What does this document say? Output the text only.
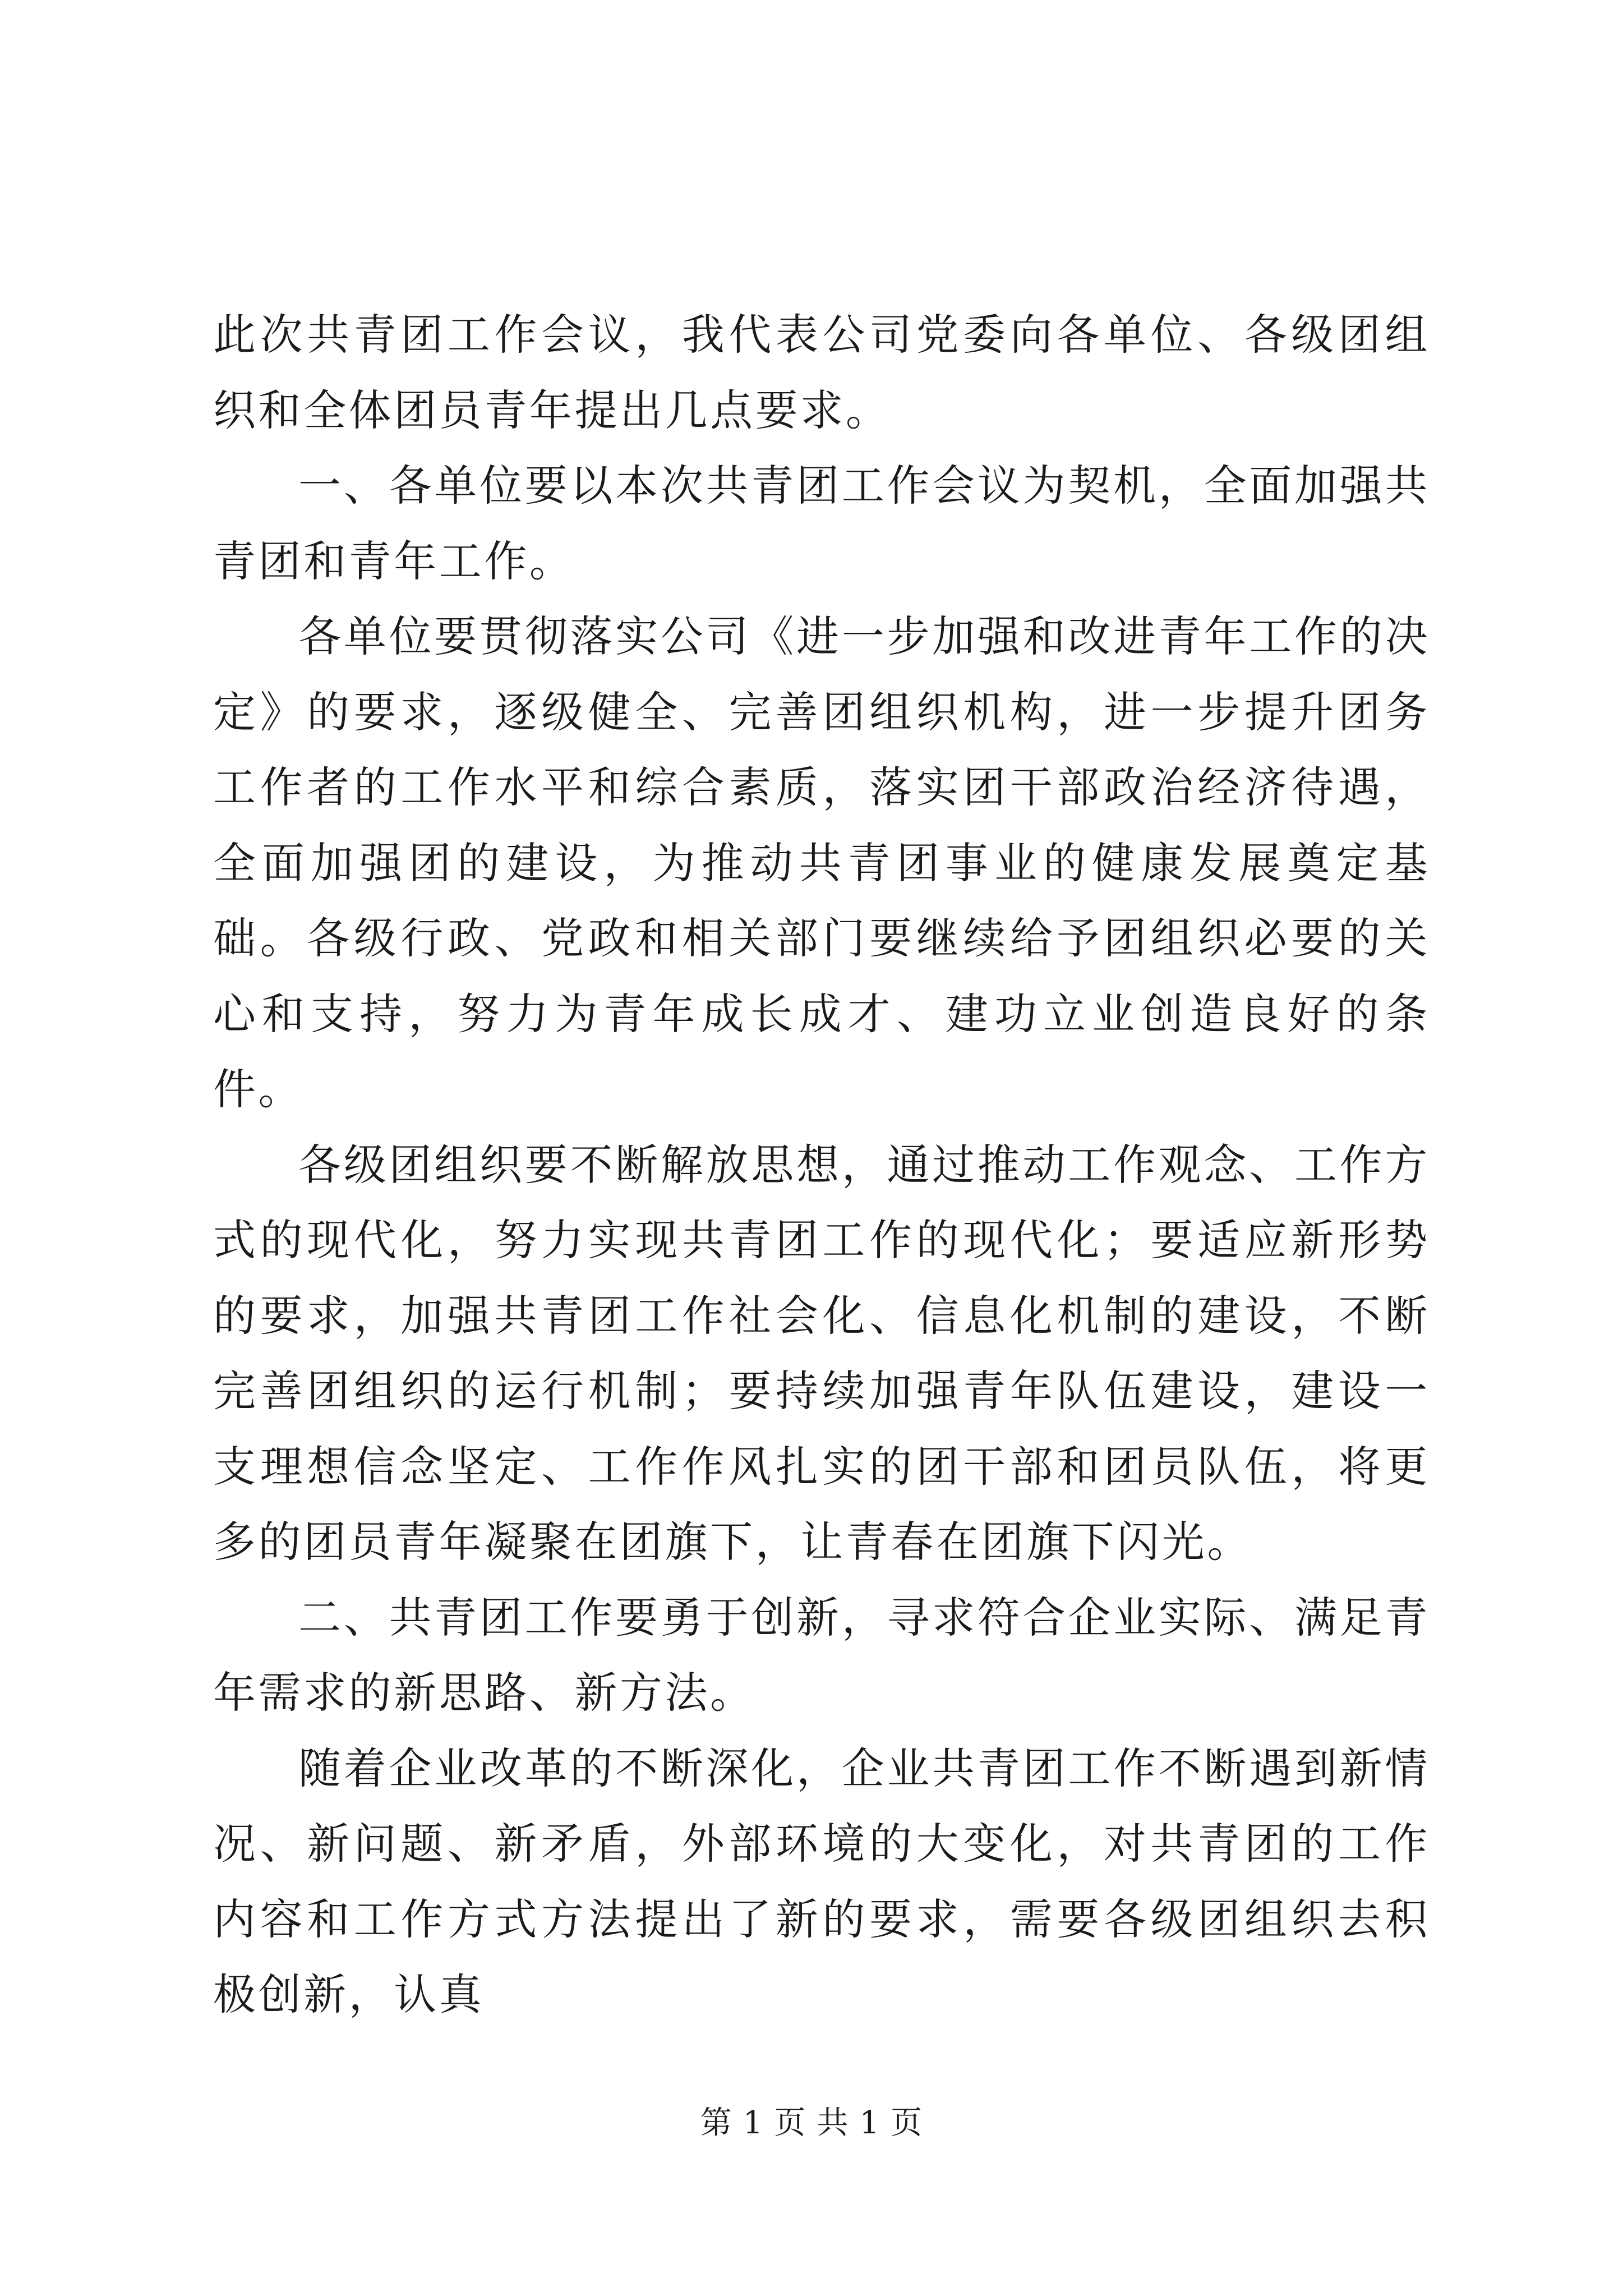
此次共青团工作会议，我代表公司党委向各单位、各级团组织和全体团员青年提出几点要求。

一、各单位要以本次共青团工作会议为契机，全面加强共青团和青年工作。

各单位要贯彻落实公司《进一步加强和改进青年工作的决定》的要求，逐级健全、完善团组织机构，进一步提升团务工作者的工作水平和综合素质，落实团干部政治经济待遇，全面加强团的建设，为推动共青团事业的健康发展奠定基础。各级行政、党政和相关部门要继续给予团组织必要的关心和支持，努力为青年成长成才、建功立业创造良好的条件。

各级团组织要不断解放思想，通过推动工作观念、工作方式的现代化，努力实现共青团工作的现代化；要适应新形势的要求，加强共青团工作社会化、信息化机制的建设，不断完善团组织的运行机制；要持续加强青年队伍建设，建设一支理想信念坚定、工作作风扎实的团干部和团员队伍，将更多的团员青年凝聚在团旗下，让青春在团旗下闪光。

二、共青团工作要勇于创新，寻求符合企业实际、满足青年需求的新思路、新方法。

随着企业改革的不断深化，企业共青团工作不断遇到新情况、新问题、新矛盾，外部环境的大变化，对共青团的工作内容和工作方式方法提出了新的要求，需要各级团组织去积极创新，认真

第 1 页 共 1 页
